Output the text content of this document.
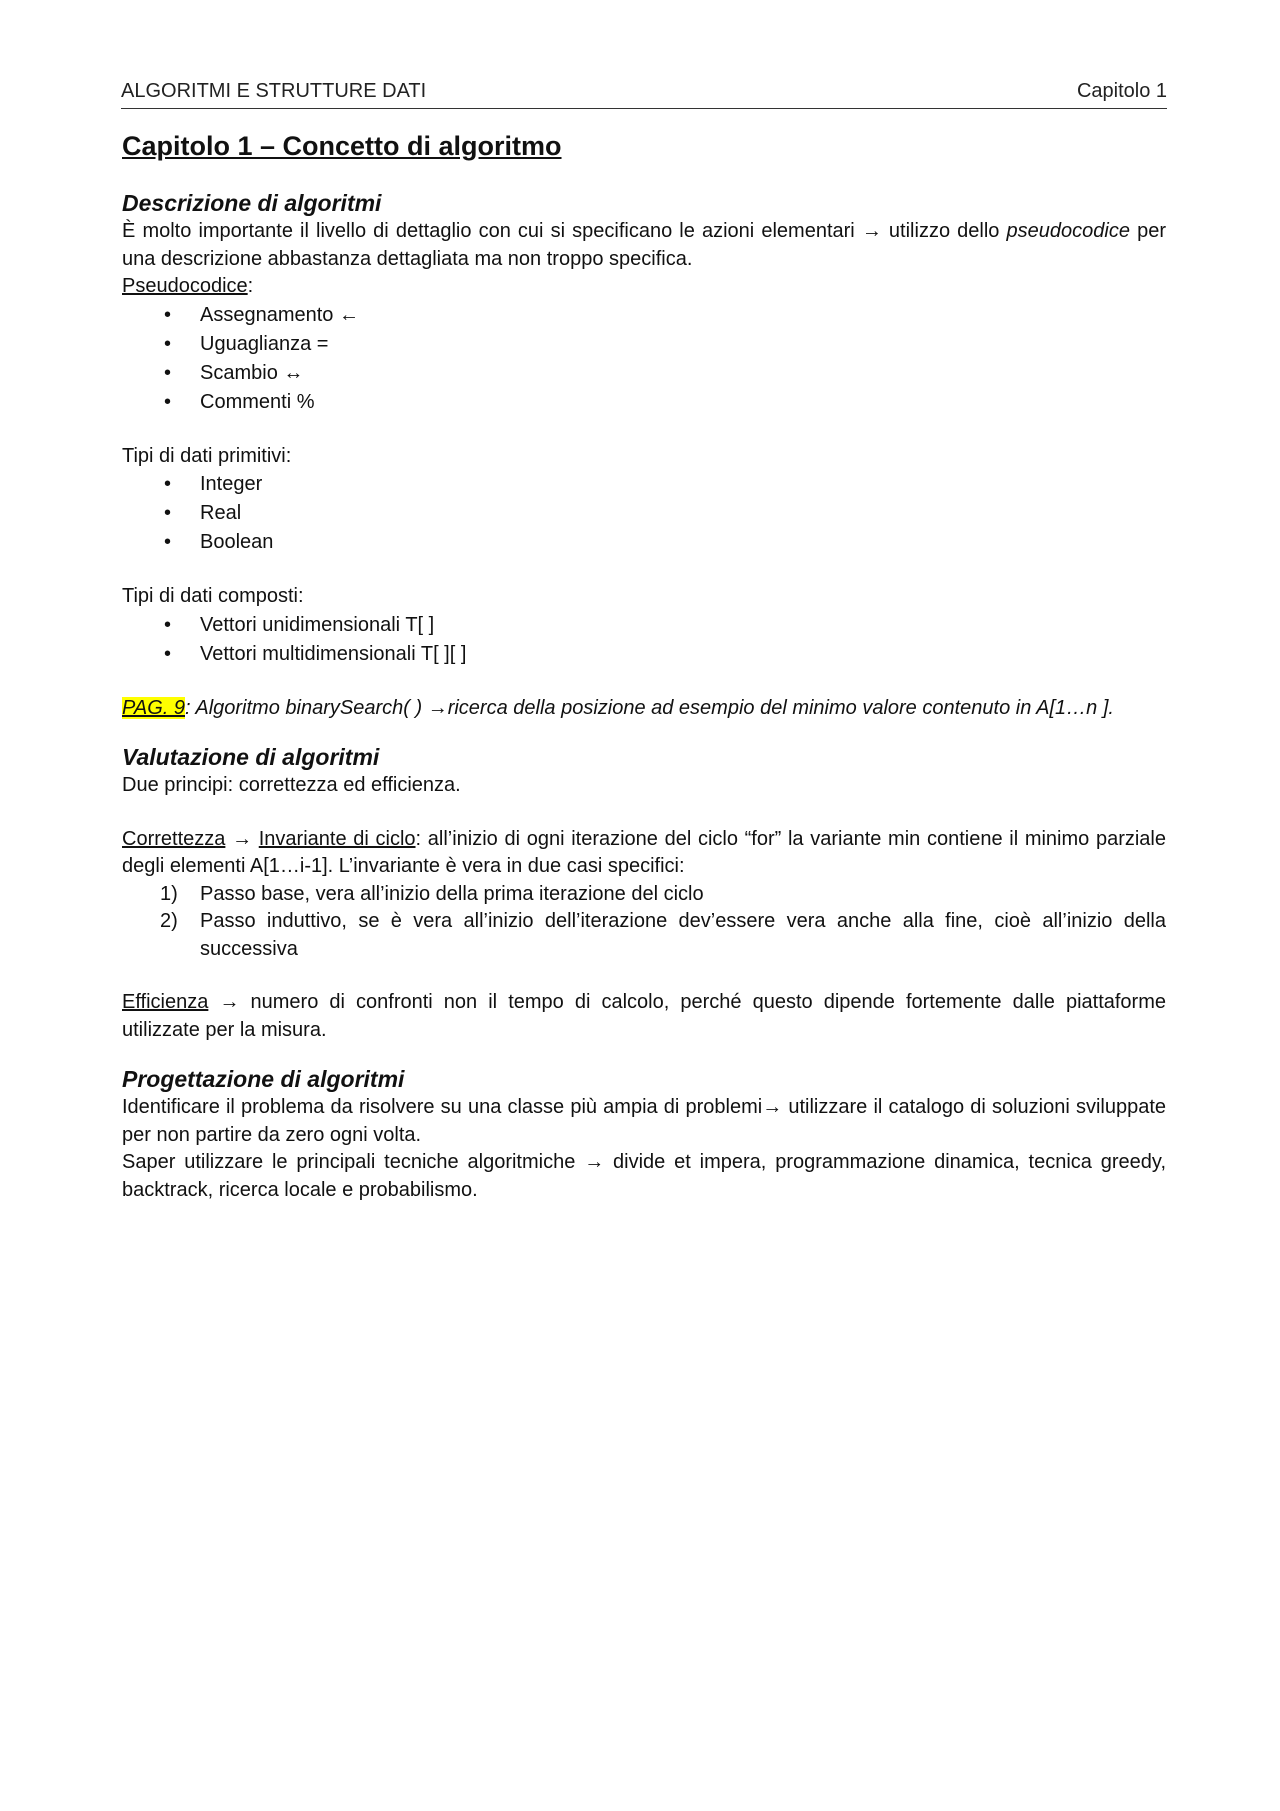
ALGORITMI E STRUTTURE DATI	Capitolo 1
Capitolo 1 – Concetto di algoritmo
Descrizione di algoritmi

È molto importante il livello di dettaglio con cui si specificano le azioni elementari → utilizzo dello pseudocodice per una descrizione abbastanza dettagliata ma non troppo specifica.

Pseudocodice:

• Assegnamento ←
• Uguaglianza =
• Scambio ↔
• Commenti %

Tipi di dati primitivi:

• Integer
• Real
• Boolean

Tipi di dati composti:

• Vettori unidimensionali T[ ]
• Vettori multidimensionali T[ ][ ]

PAG. 9: Algoritmo binarySearch( ) →ricerca della posizione ad esempio del minimo valore contenuto in A[1…n ].

Valutazione di algoritmi

Due principi: correttezza ed efficienza.

Correttezza → Invariante di ciclo: all’inizio di ogni iterazione del ciclo “for” la variante min contiene il minimo parziale degli elementi A[1…i-1]. L’invariante è vera in due casi specifici:

1) Passo base, vera all’inizio della prima iterazione del ciclo
2) Passo induttivo, se è vera all’inizio dell’iterazione dev’essere vera anche alla fine, cioè all’inizio della successiva

Efficienza → numero di confronti non il tempo di calcolo, perché questo dipende fortemente dalle piattaforme utilizzate per la misura.

Progettazione di algoritmi

Identificare il problema da risolvere su una classe più ampia di problemi→ utilizzare il catalogo di soluzioni sviluppate per non partire da zero ogni volta.

Saper utilizzare le principali tecniche algoritmiche → divide et impera, programmazione dinamica, tecnica greedy, backtrack, ricerca locale e probabilismo.
